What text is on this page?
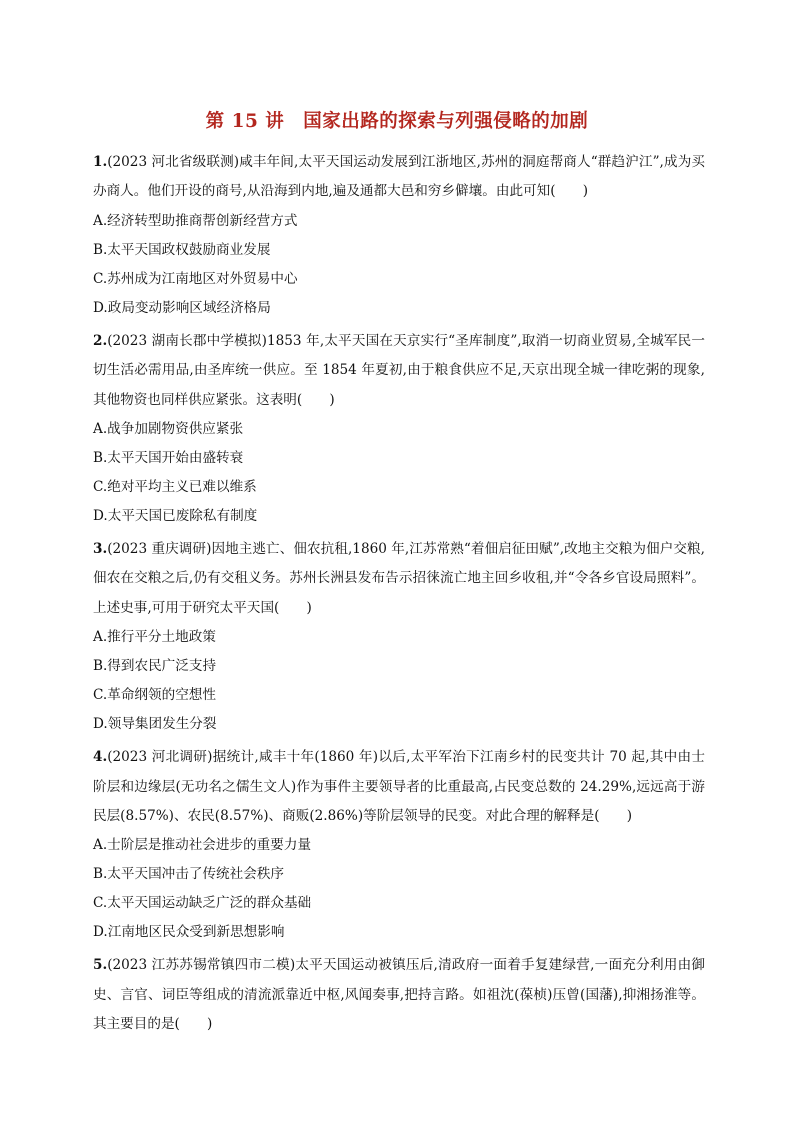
第 15 讲　国家出路的探索与列强侵略的加剧
1.(2023 河北省级联测)咸丰年间,太平天国运动发展到江浙地区,苏州的洞庭帮商人“群趋沪江”,成为买办商人。他们开设的商号,从沿海到内地,遍及通都大邑和穷乡僻壤。由此可知(　　)
A.经济转型助推商帮创新经营方式
B.太平天国政权鼓励商业发展
C.苏州成为江南地区对外贸易中心
D.政局变动影响区域经济格局
2.(2023 湖南长郡中学模拟)1853 年,太平天国在天京实行“圣库制度”,取消一切商业贸易,全城军民一切生活必需用品,由圣库统一供应。至 1854 年夏初,由于粮食供应不足,天京出现全城一律吃粥的现象,其他物资也同样供应紧张。这表明(　　)
A.战争加剧物资供应紧张
B.太平天国开始由盛转衰
C.绝对平均主义已难以维系
D.太平天国已废除私有制度
3.(2023 重庆调研)因地主逃亡、佃农抗租,1860 年,江苏常熟“着佃启征田赋”,改地主交粮为佃户交粮,佃农在交粮之后,仍有交租义务。苏州长洲县发布告示招徕流亡地主回乡收租,并“令各乡官设局照料”。上述史事,可用于研究太平天国(　　)
A.推行平分土地政策
B.得到农民广泛支持
C.革命纲领的空想性
D.领导集团发生分裂
4.(2023 河北调研)据统计,咸丰十年(1860 年)以后,太平军治下江南乡村的民变共计 70 起,其中由士阶层和边缘层(无功名之儒生文人)作为事件主要领导者的比重最高,占民变总数的 24.29%,远远高于游民层(8.57%)、农民(8.57%)、商贩(2.86%)等阶层领导的民变。对此合理的解释是(　　)
A.士阶层是推动社会进步的重要力量
B.太平天国冲击了传统社会秩序
C.太平天国运动缺乏广泛的群众基础
D.江南地区民众受到新思想影响
5.(2023 江苏苏锡常镇四市二模)太平天国运动被镇压后,清政府一面着手复建绿营,一面充分利用由御史、言官、词臣等组成的清流派靠近中枢,风闻奏事,把持言路。如祖沈(葆桢)压曾(国藩),抑湘扬淮等。其主要目的是(　　)
